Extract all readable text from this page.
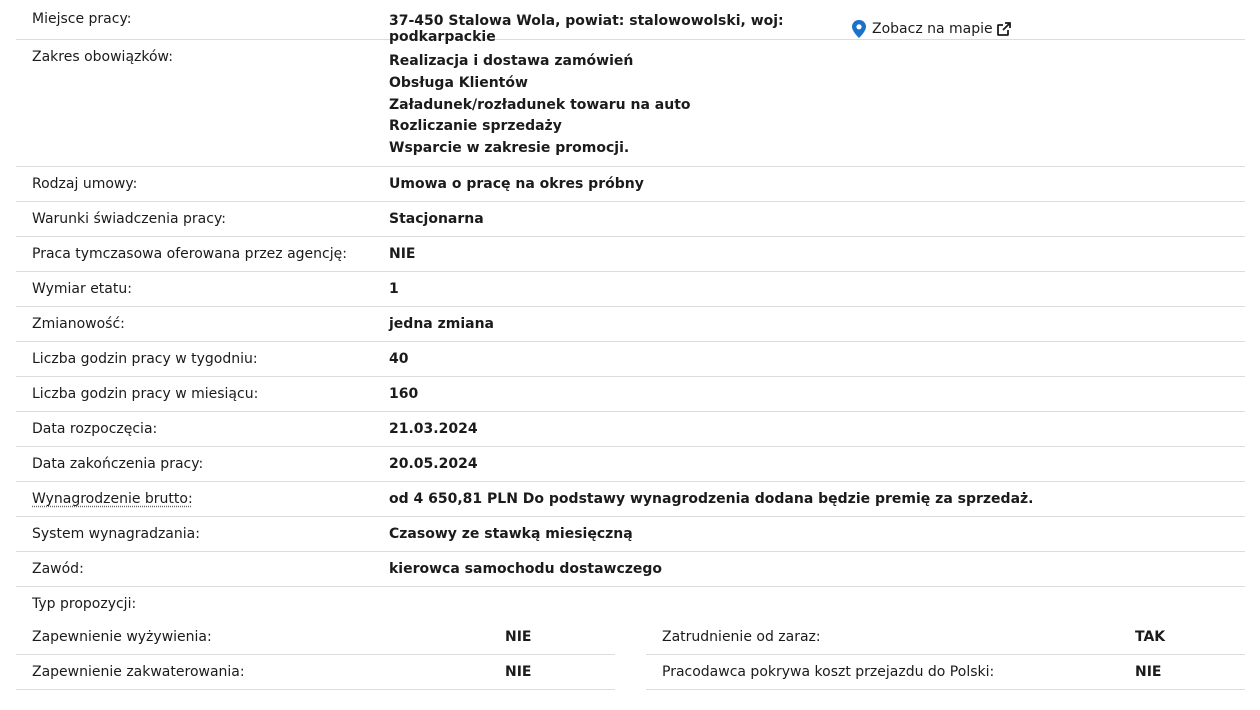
Miejsce pracy:	37-450 Stalowa Wola, powiat: stalowowolski, woj: podkarpackie	Zobacz na mapie
Zakres obowiązków:	Realizacja i dostawa zamówień
Obsługa Klientów
Załadunek/rozładunek towaru na auto
Rozliczanie sprzedaży
Wsparcie w zakresie promocji.
Rodzaj umowy:	Umowa o pracę na okres próbny
Warunki świadczenia pracy:	Stacjonarna
Praca tymczasowa oferowana przez agencję:	NIE
Wymiar etatu:	1
Zmianowość:	jedna zmiana
Liczba godzin pracy w tygodniu:	40
Liczba godzin pracy w miesiącu:	160
Data rozpoczęcia:	21.03.2024
Data zakończenia pracy:	20.05.2024
Wynagrodzenie brutto:	od 4 650,81 PLN Do podstawy wynagrodzenia dodana będzie premię za sprzedaż.
System wynagradzania:	Czasowy ze stawką miesięczną
Zawód:	kierowca samochodu dostawczego
Typ propozycji:
Zapewnienie wyżywienia:	NIE
Zapewnienie zakwaterowania:	NIE
Zatrudnienie od zaraz:	TAK
Pracodawca pokrywa koszt przejazdu do Polski:	NIE
